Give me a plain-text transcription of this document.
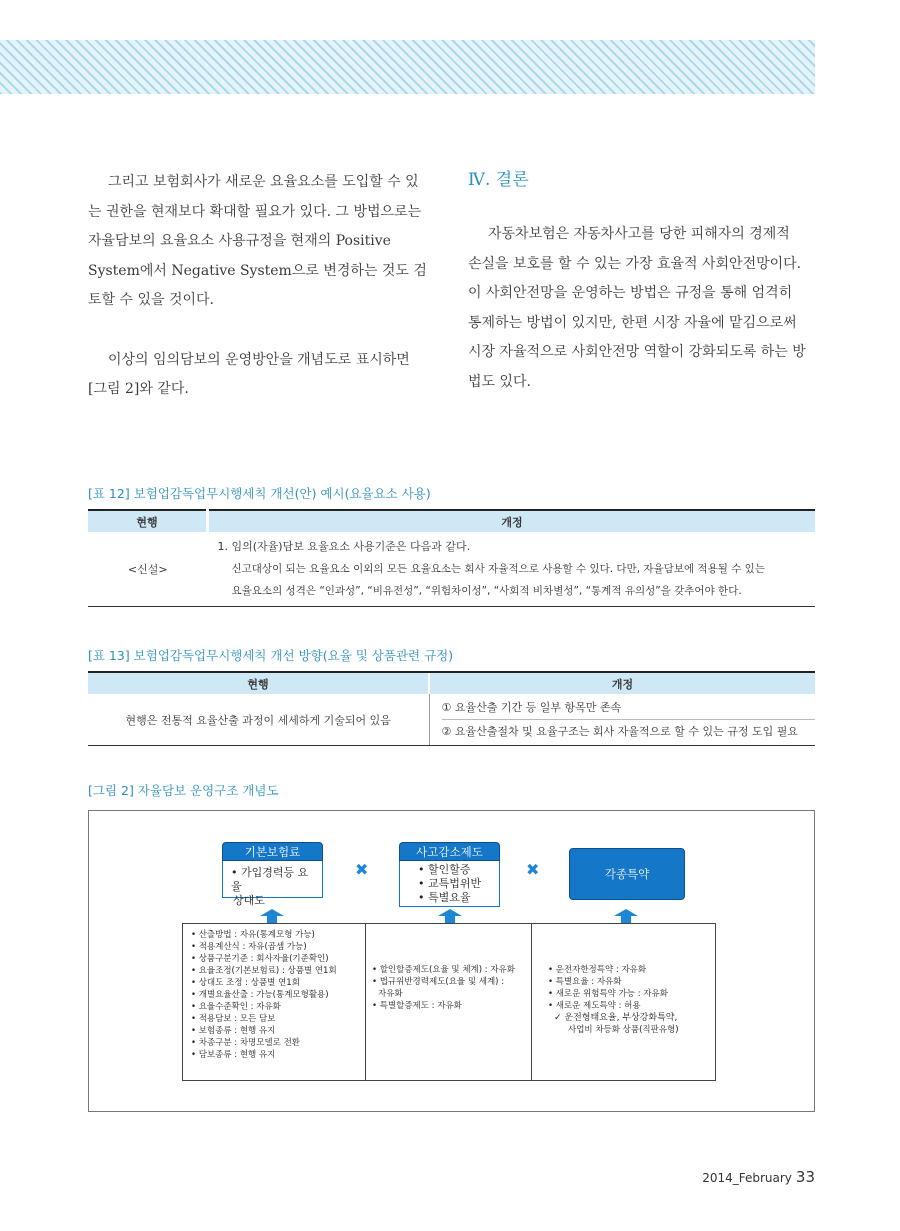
그리고 보험회사가 새로운 요율요소를 도입할 수 있
는 권한을 현재보다 확대할 필요가 있다. 그 방법으로는
자율담보의 요율요소 사용규정을 현재의 Positive
System에서 Negative System으로 변경하는 것도 검
토할 수 있을 것이다.

이상의 임의담보의 운영방안을 개념도로 표시하면
[그림 2]와 같다.

Ⅳ. 결론

자동차보험은 자동차사고를 당한 피해자의 경제적
손실을 보호를 할 수 있는 가장 효율적 사회안전망이다.
이 사회안전망을 운영하는 방법은 규정을 통해 엄격히
통제하는 방법이 있지만, 한편 시장 자율에 맡김으로써
시장 자율적으로 사회안전망 역할이 강화되도록 하는 방
법도 있다.

[표 12] 보험업감독업무시행세칙 개선(안) 예시(요율요소 사용)
현행	개정
<신설>	1. 임의(자율)담보 요율요소 사용기준은 다음과 같다.
신고대상이 되는 요율요소 이외의 모든 요율요소는 회사 자율적으로 사용할 수 있다. 다만, 자율담보에 적용될 수 있는
요율요소의 성격은 “인과성”, “비유전성”, “위험차이성”, “사회적 비차별성”, “통계적 유의성”을 갖추어야 한다.
[표 13] 보험업감독업무시행세칙 개선 방향(요율 및 상품관련 규정)
현행	개정
현행은 전통적 요율산출 과정이 세세하게 기술되어 있음	① 요율산출 기간 등 일부 항목만 존속
② 요율산출절차 및 요율구조는 회사 자율적으로 할 수 있는 규정 도입 필요
[그림 2] 자율담보 운영구조 개념도
기본보험료
• 가입경력등 요율
상대도
✖
사고감소제도
• 할인할증
• 교특법위반
• 특별요율
✖	각종특약
• 산출방법 : 자유(통계모형 가능)
• 적용계산식 : 자유(곱셈 가능)
• 상품구분기준 : 회사자율(기준확인)
• 요율조정(기본보험료) : 상품별 연1회
• 상대도 조정 : 상품별 연1회
• 개별요율산출 : 가능(통계모형활용)
• 요율수준확인 : 자유화
• 적용담보 : 모든 담보
• 보험종류 : 현행 유지
• 차종구분 : 차명모델로 전환
• 담보종류 : 현행 유지
• 할인할증제도(요율 및 체계) : 자유화
• 법규위반경력제도(요율 및 세계) :
자유화
• 특별할증제도 : 자유화
• 운전자한정특약 : 자유화
• 특별요율 : 자유화
• 새로운 위험특약 가능 : 자유화
• 새로운 제도특약 : 허용
✓ 운전형태요율, 부상강화특약,
사업비 차등화 상품(직판유형)
2014_February 33
